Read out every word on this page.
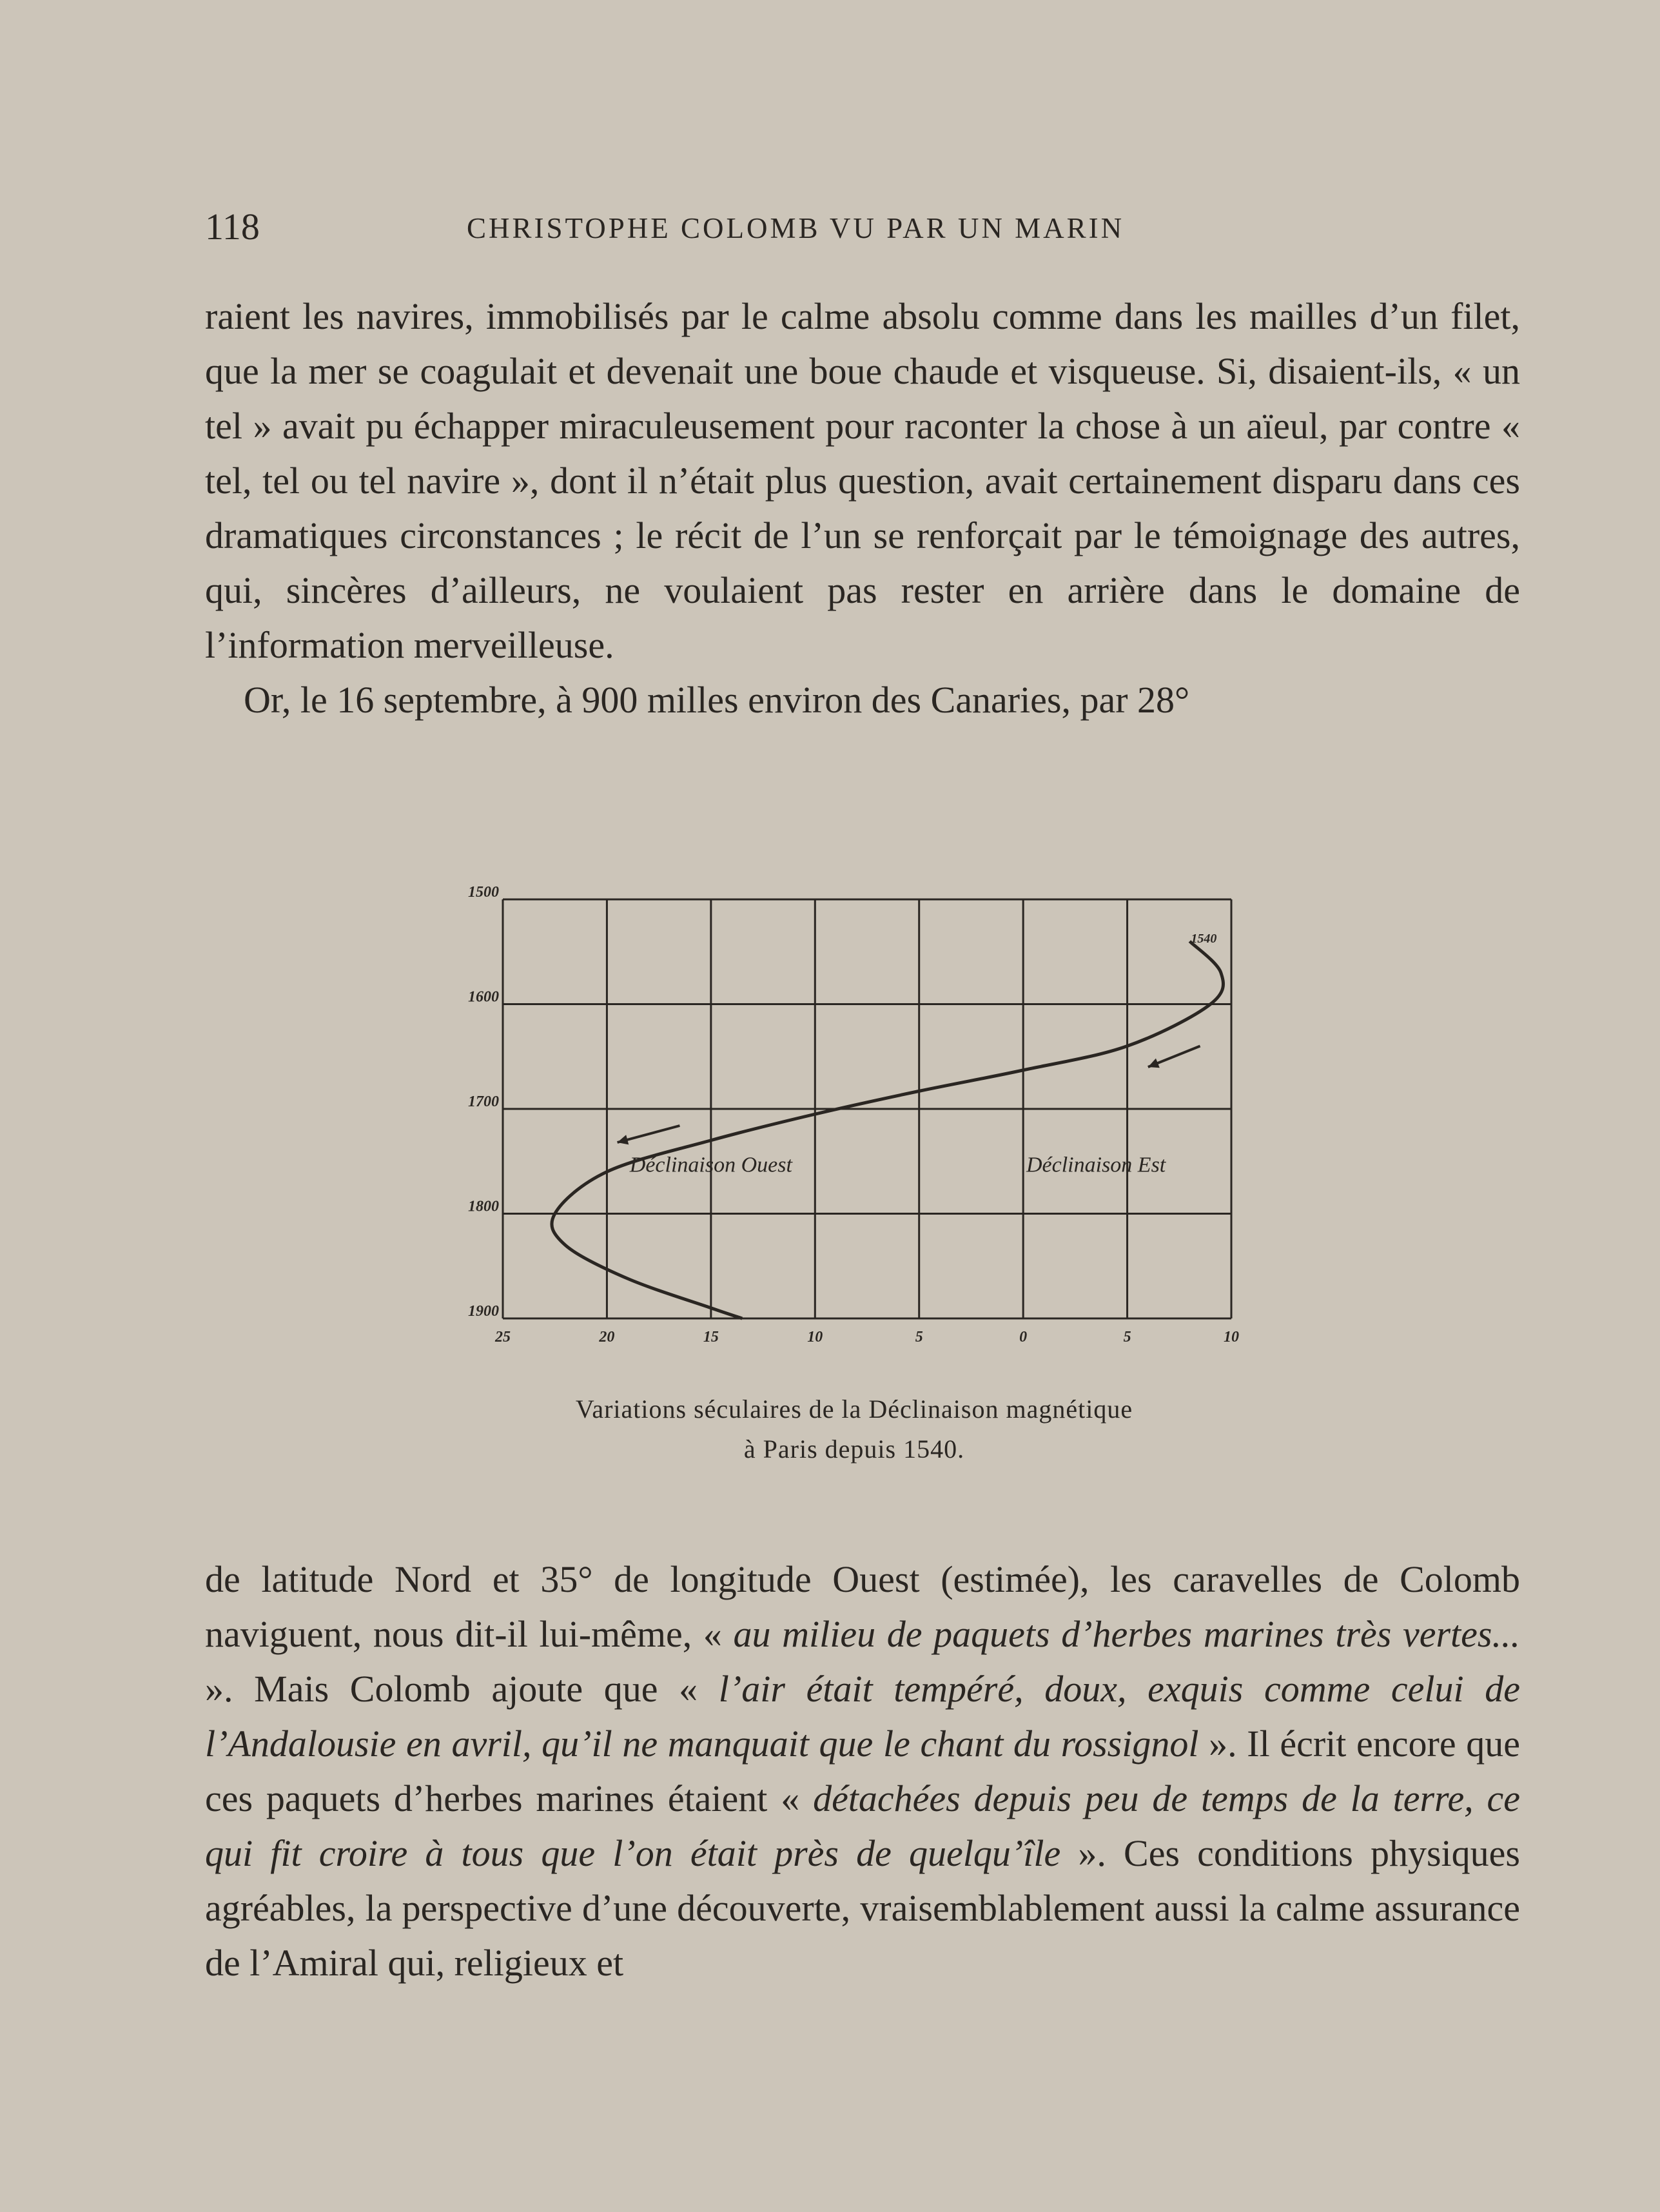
118	CHRISTOPHE COLOMB VU PAR UN MARIN

raient les navires, immobilisés par le calme absolu comme dans les mailles d’un filet, que la mer se coagulait et devenait une boue chaude et visqueuse. Si, disaient-ils, « un tel » avait pu échapper miraculeusement pour raconter la chose à un aïeul, par contre « tel, tel ou tel navire », dont il n’était plus question, avait certainement disparu dans ces dramatiques circonstances ; le récit de l’un se renforçait par le témoignage des autres, qui, sincères d’ailleurs, ne voulaient pas rester en arrière dans le domaine de l’information merveilleuse.

Or, le 16 septembre, à 900 milles environ des Canaries, par 28°

1500
1600
1700
1800
1900
25	20	15	10	5	0	5	10
1540
Déclinaison Ouest	Déclinaison Est
Variations séculaires de la Déclinaison magnétique
à Paris depuis 1540.

de latitude Nord et 35° de longitude Ouest (estimée), les caravelles de Colomb naviguent, nous dit-il lui-même, « au milieu de paquets d’herbes marines très vertes... ». Mais Colomb ajoute que « l’air était tempéré, doux, exquis comme celui de l’Andalousie en avril, qu’il ne manquait que le chant du rossignol ». Il écrit encore que ces paquets d’herbes marines étaient « détachées depuis peu de temps de la terre, ce qui fit croire à tous que l’on était près de quelqu’île ». Ces conditions physiques agréables, la perspective d’une découverte, vraisemblablement aussi la calme assurance de l’Amiral qui, religieux et
